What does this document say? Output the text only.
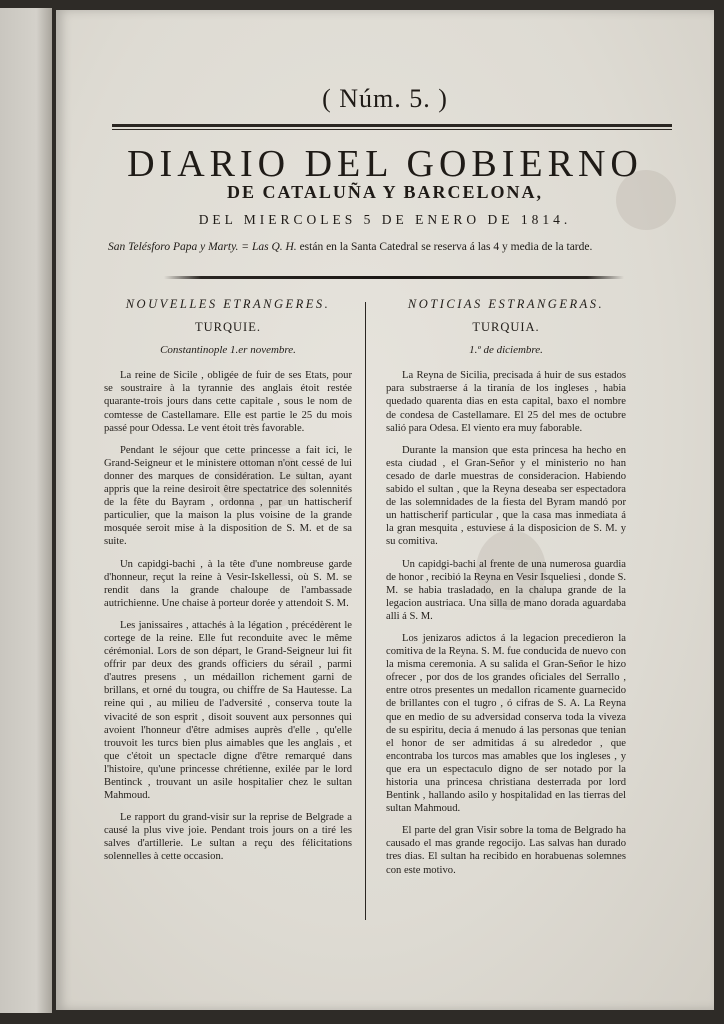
( Núm. 5. )
DIARIO DEL GOBIERNO
DE CATALUÑA Y BARCELONA,
DEL MIERCOLES 5 DE ENERO DE 1814.
San Telésforo Papa y Marty. = Las Q. H. están en la Santa Catedral se reserva á las 4 y media de la tarde.
NOUVELLES ETRANGERES.
TURQUIE.
Constantinople 1.er novembre.

La reine de Sicile , obligée de fuir de ses Etats, pour se soustraire à la tyrannie des anglais étoit restée quarante-trois jours dans cette capitale , sous le nom de comtesse de Castellamare. Elle est partie le 25 du mois passé pour Odessa. Le vent étoit très favorable.

Pendant le séjour que cette princesse a fait ici, le Grand-Seigneur et le ministere ottoman n'ont cessé de lui donner des marques de considération. Le sultan, ayant appris que la reine desiroit être spectatrice des solennités de la fête du Bayram , ordonna , par un hattischerif particulier, que la maison la plus voisine de la grande mosquée seroit mise à la disposition de S. M. et de sa suite.

Un capidgi-bachi , à la tête d'une nombreuse garde d'honneur, reçut la reine à Vesir-Iskellessi, où S. M. se rendit dans la grande chaloupe de l'ambassade autrichienne. Une chaise à porteur dorée y attendoit S. M.

Les janissaires , attachés à la légation , précédèrent le cortege de la reine. Elle fut reconduite avec le même cérémonial. Lors de son départ, le Grand-Seigneur lui fit offrir par deux des grands officiers du sérail , parmi d'autres presens , un médaillon richement garni de brillans, et orné du tougra, ou chiffre de Sa Hautesse. La reine qui , au milieu de l'adversité , conserva toute la vivacité de son esprit , disoit souvent aux personnes qui avoient l'honneur d'être admises auprès d'elle , qu'elle trouvoit les turcs bien plus aimables que les anglais , et que c'étoit un spectacle digne d'être remarqué dans l'histoire, qu'une princesse chrétienne, exilée par le lord Bentinck , trouvant un asile hospitalier chez le sultan Mahmoud.

Le rapport du grand-visir sur la reprise de Belgrade a causé la plus vive joie. Pendant trois jours on a tiré les salves d'artillerie. Le sultan a reçu des félicitations solennelles à cette occasion.

NOTICIAS ESTRANGERAS.
TURQUIA.
1.º de diciembre.

La Reyna de Sicilia, precisada á huir de sus estados para substraerse á la tiranía de los ingleses , habia quedado quarenta dias en esta capital, baxo el nombre de condesa de Castellamare. El 25 del mes de octubre salió para Odesa. El viento era muy faborable.

Durante la mansion que esta princesa ha hecho en esta ciudad , el Gran-Señor y el ministerio no han cesado de darle muestras de consideracion. Habiendo sabido el sultan , que la Reyna deseaba ser espectadora de las solemnidades de la fiesta del Byram mandó por un hattischerif particular , que la casa mas inmediata á la gran mesquita , estuviese á la disposicion de S. M. y su comitiva.

Un capidgi-bachi al frente de una numerosa guardia de honor , recibió la Reyna en Vesir Isqueliesi , donde S. M. se habia trasladado, en la chalupa grande de la legacion austriaca. Una silla de mano dorada aguardaba alli á S. M.

Los jenizaros adictos á la legacion precedieron la comitiva de la Reyna. S. M. fue conducida de nuevo con la misma ceremonia. A su salida el Gran-Señor le hizo ofrecer , por dos de los grandes oficiales del Serrallo , entre otros presentes un medallon ricamente guarnecido de brillantes con el tugro , ó cifras de S. A. La Reyna que en medio de su adversidad conserva toda la viveza de su espiritu, decia á menudo á las personas que tenian el honor de ser admitidas á su alrededor , que encontraba los turcos mas amables que los ingleses , y que era un espectaculo digno de ser notado por la historia una princesa christiana desterrada por lord Bentink , hallando asilo y hospitalidad en las tierras del sultan Mahmoud.

El parte del gran Visir sobre la toma de Belgrado ha causado el mas grande regocijo. Las salvas han durado tres dias. El sultan ha recibido en horabuenas solemnes con este motivo.
